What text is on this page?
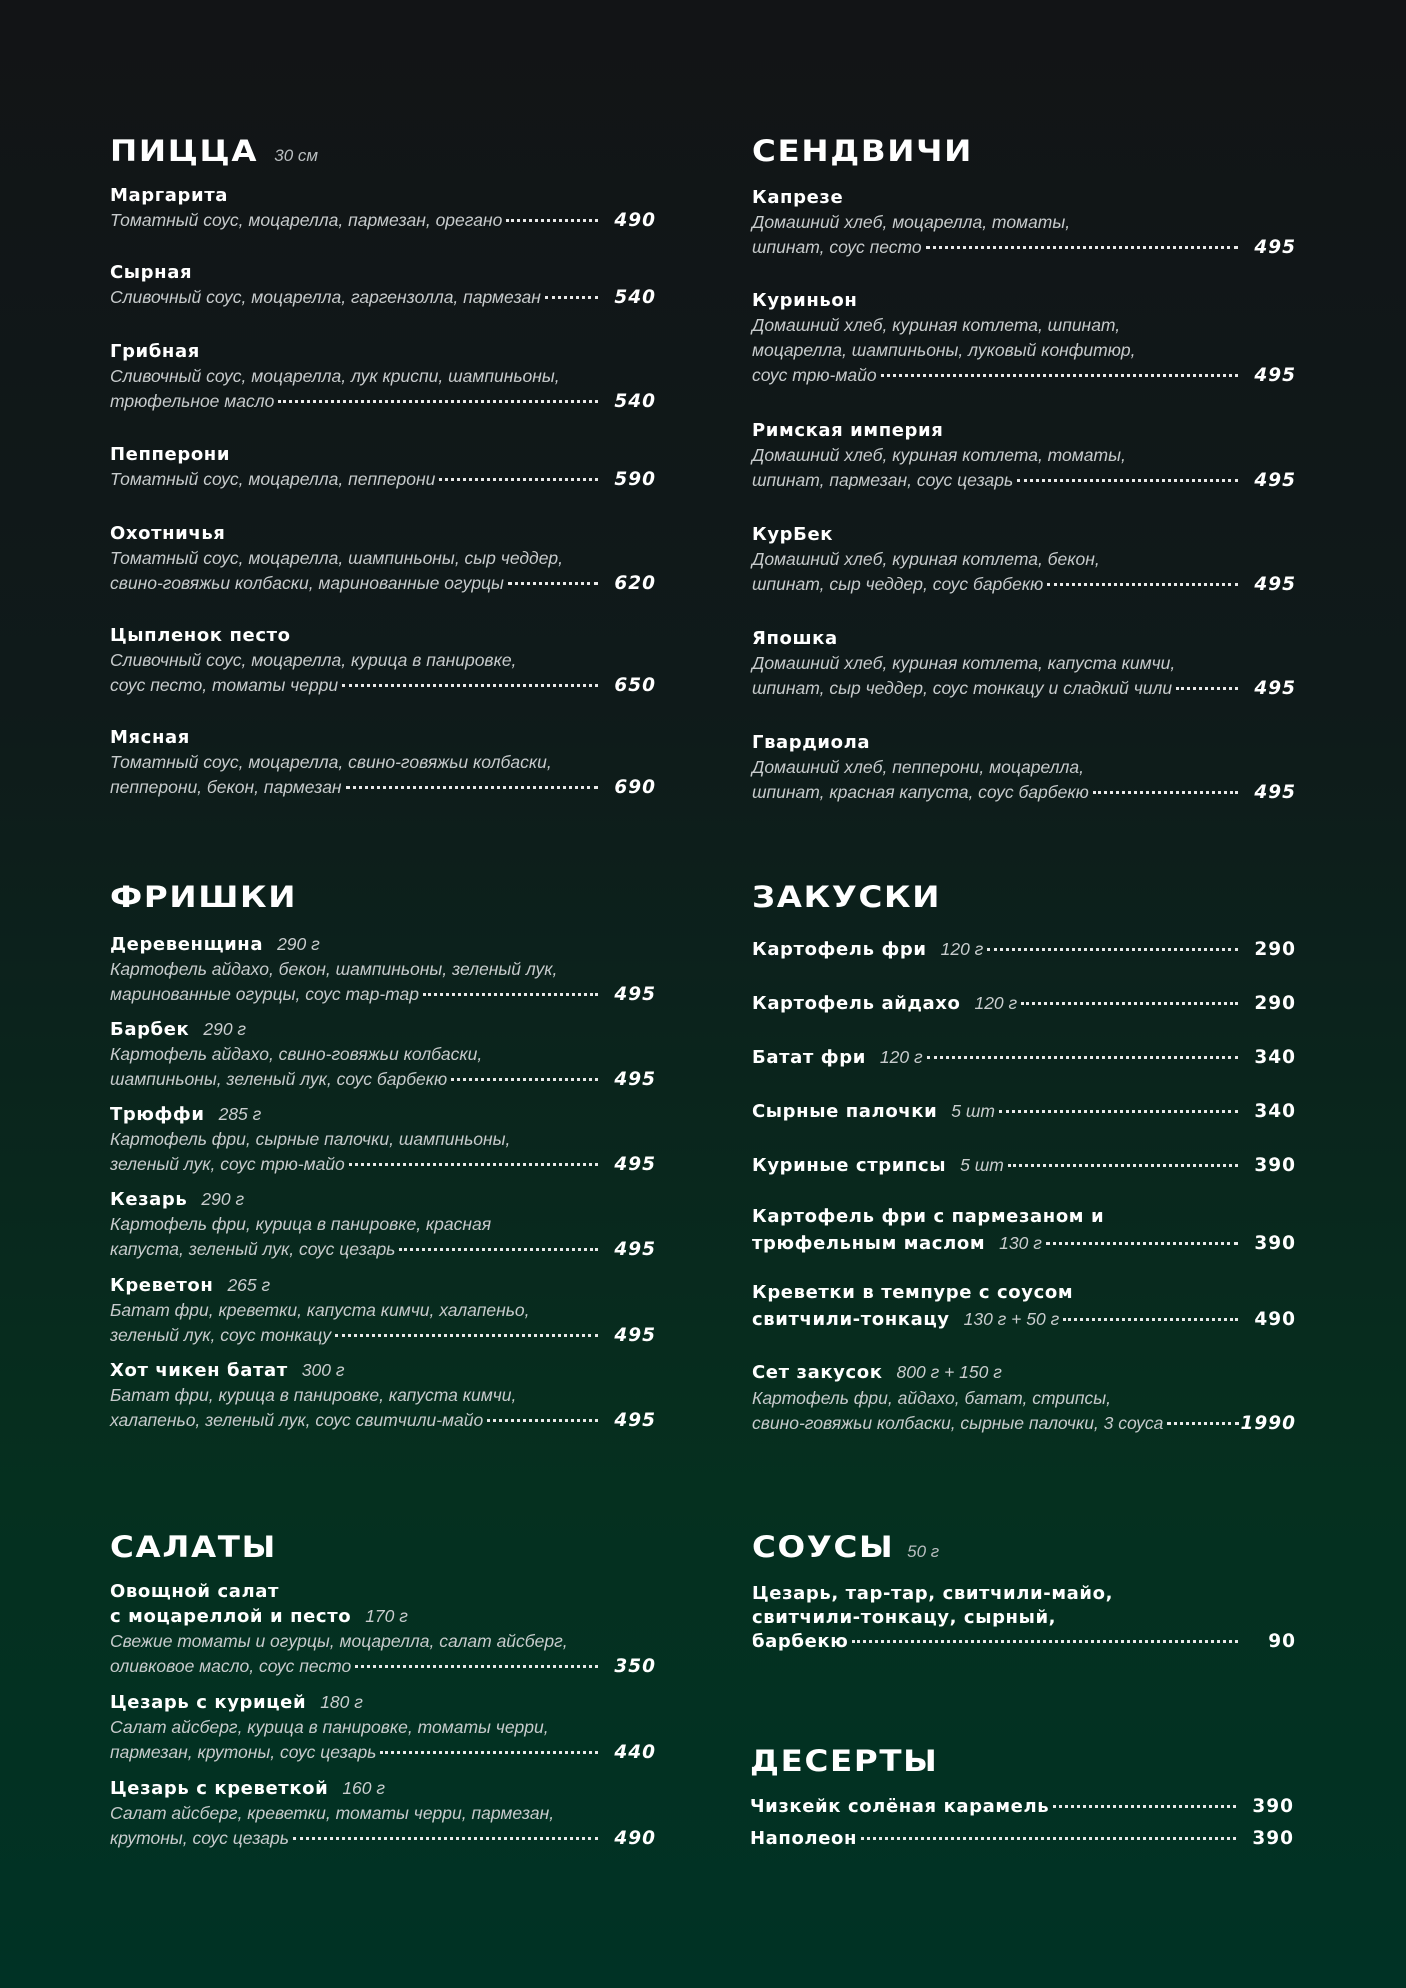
ПИЦЦА 30 см
Маргарита
Томатный соус, моцарелла, пармезан, орегано	490
Сырная
Сливочный соус, моцарелла, гаргензолла, пармезан	540
Грибная
Сливочный соус, моцарелла, лук криспи, шампиньоны,
трюфельное масло	540
Пепперони
Томатный соус, моцарелла, пепперони	590
Охотничья
Томатный соус, моцарелла, шампиньоны, сыр чеддер,
свино-говяжьи колбаски, маринованные огурцы	620
Цыпленок песто
Сливочный соус, моцарелла, курица в панировке,
соус песто, томаты черри	650
Мясная
Томатный соус, моцарелла, свино-говяжьи колбаски,
пепперони, бекон, пармезан	690
ФРИШКИ
Деревенщина 290 г
Картофель айдахо, бекон, шампиньоны, зеленый лук,
маринованные огурцы, соус тар-тар	495
Барбек 290 г
Картофель айдахо, свино-говяжьи колбаски,
шампиньоны, зеленый лук, соус барбекю	495
Трюффи 285 г
Картофель фри, сырные палочки, шампиньоны,
зеленый лук, соус трю-майо	495
Кезарь 290 г
Картофель фри, курица в панировке, красная
капуста, зеленый лук, соус цезарь	495
Креветон 265 г
Батат фри, креветки, капуста кимчи, халапеньо,
зеленый лук, соус тонкацу	495
Хот чикен батат 300 г
Батат фри, курица в панировке, капуста кимчи,
халапеньо, зеленый лук, соус свитчили-майо	495
САЛАТЫ
Овощной салат
с моцареллой и песто 170 г
Свежие томаты и огурцы, моцарелла, салат айсберг,
оливковое масло, соус песто	350
Цезарь с курицей 180 г
Салат айсберг, курица в панировке, томаты черри,
пармезан, крутоны, соус цезарь	440
Цезарь с креветкой 160 г
Салат айсберг, креветки, томаты черри, пармезан,
крутоны, соус цезарь	490
СЕНДВИЧИ
Капрезе
Домашний хлеб, моцарелла, томаты,
шпинат, соус песто	495
Куриньон
Домашний хлеб, куриная котлета, шпинат,
моцарелла, шампиньоны, луковый конфитюр,
соус трю-майо	495
Римская империя
Домашний хлеб, куриная котлета, томаты,
шпинат, пармезан, соус цезарь	495
КурБек
Домашний хлеб, куриная котлета, бекон,
шпинат, сыр чеддер, соус барбекю	495
Япошка
Домашний хлеб, куриная котлета, капуста кимчи,
шпинат, сыр чеддер, соус тонкацу и сладкий чили	495
Гвардиола
Домашний хлеб, пепперони, моцарелла,
шпинат, красная капуста, соус барбекю	495
ЗАКУСКИ
Картофель фри 120 г	290
Картофель айдахо 120 г	290
Батат фри 120 г	340
Сырные палочки 5 шт	340
Куриные стрипсы 5 шт	390
Картофель фри с пармезаном и
трюфельным маслом 130 г	390
Креветки в темпуре с соусом
свитчили-тонкацу 130 г + 50 г	490
Сет закусок 800 г + 150 г
Картофель фри, айдахо, батат, стрипсы,
свино-говяжьи колбаски, сырные палочки, 3 соуса	1990
СОУСЫ 50 г
Цезарь, тар-тар, свитчили-майо,
свитчили-тонкацу, сырный,
барбекю	90
ДЕСЕРТЫ
Чизкейк солёная карамель	390
Наполеон	390
